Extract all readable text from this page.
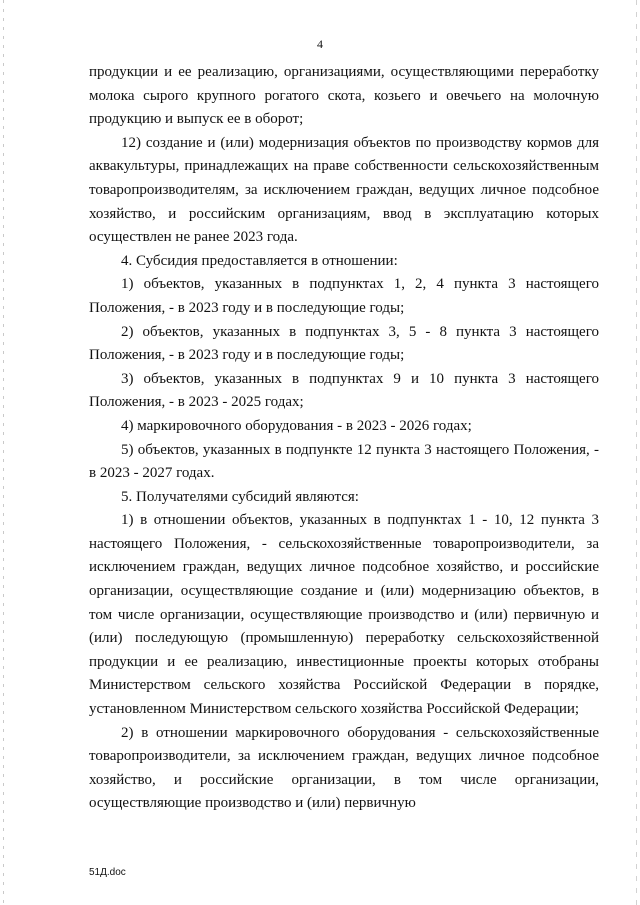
4

продукции и ее реализацию, организациями, осуществляющими переработку молока сырого крупного рогатого скота, козьего и овечьего на молочную продукцию и выпуск ее в оборот;

12) создание и (или) модернизация объектов по производству кормов для аквакультуры, принадлежащих на праве собственности сельскохозяйственным товаропроизводителям, за исключением граждан, ведущих личное подсобное хозяйство, и российским организациям, ввод в эксплуатацию которых осуществлен не ранее 2023 года.

4. Субсидия предоставляется в отношении:

1) объектов, указанных в подпунктах 1, 2, 4 пункта 3 настоящего Положения, - в 2023 году и в последующие годы;

2) объектов, указанных в подпунктах 3, 5 - 8 пункта 3 настоящего Положения, - в 2023 году и в последующие годы;

3) объектов, указанных в подпунктах 9 и 10 пункта 3 настоящего Положения, - в 2023 - 2025 годах;

4) маркировочного оборудования - в 2023 - 2026 годах;

5) объектов, указанных в подпункте 12 пункта 3 настоящего Положения, - в 2023 - 2027 годах.

5. Получателями субсидий являются:

1) в отношении объектов, указанных в подпунктах 1 - 10, 12 пункта 3 настоящего Положения, - сельскохозяйственные товаропроизводители, за исключением граждан, ведущих личное подсобное хозяйство, и российские организации, осуществляющие создание и (или) модернизацию объектов, в том числе организации, осуществляющие производство и (или) первичную и (или) последующую (промышленную) переработку сельскохозяйственной продукции и ее реализацию, инвестиционные проекты которых отобраны Министерством сельского хозяйства Российской Федерации в порядке, установленном Министерством сельского хозяйства Российской Федерации;

2) в отношении маркировочного оборудования - сельскохозяйственные товаропроизводители, за исключением граждан, ведущих личное подсобное хозяйство, и российские организации, в том числе организации, осуществляющие производство и (или) первичную

51Д.doc
